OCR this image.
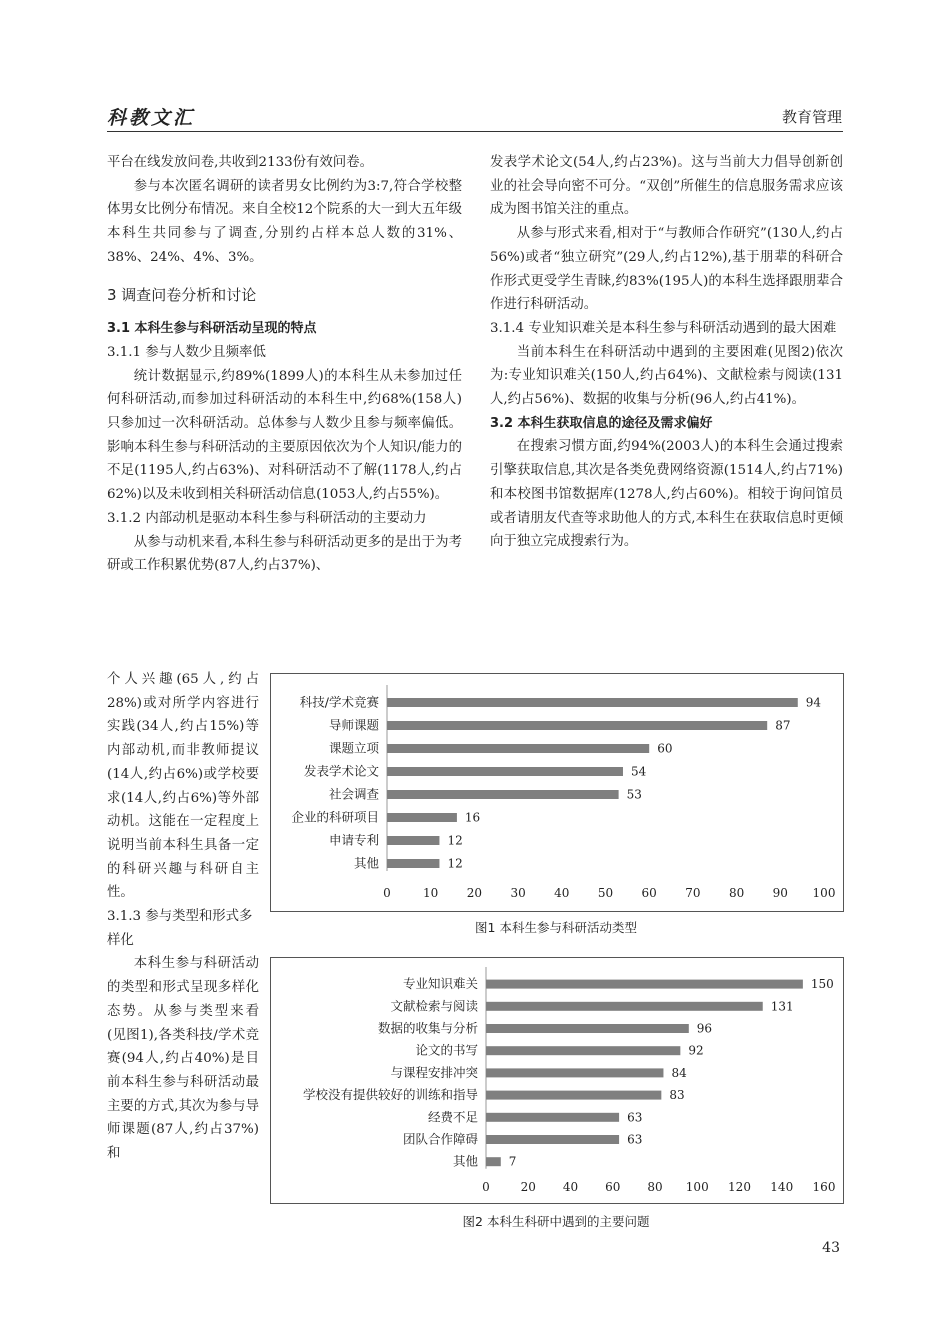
科教文汇	教育管理

平台在线发放问卷,共收到2133份有效问卷。

参与本次匿名调研的读者男女比例约为3:7,符合学校整体男女比例分布情况。来自全校12个院系的大一到大五年级本科生共同参与了调查,分别约占样本总人数的31%、38%、24%、4%、3%。

3 调查问卷分析和讨论
3.1 本科生参与科研活动呈现的特点
3.1.1 参与人数少且频率低

统计数据显示,约89%(1899人)的本科生从未参加过任何科研活动,而参加过科研活动的本科生中,约68%(158人)只参加过一次科研活动。总体参与人数少且参与频率偏低。影响本科生参与科研活动的主要原因依次为个人知识/能力的不足(1195人,约占63%)、对科研活动不了解(1178人,约占62%)以及未收到相关科研活动信息(1053人,约占55%)。

3.1.2 内部动机是驱动本科生参与科研活动的主要动力

从参与动机来看,本科生参与科研活动更多的是出于为考研或工作积累优势(87人,约占37%)、

个人兴趣(65人,约占28%)或对所学内容进行实践(34人,约占15%)等内部动机,而非教师提议(14人,约占6%)或学校要求(14人,约占6%)等外部动机。这能在一定程度上说明当前本科生具备一定的科研兴趣与科研自主性。

3.1.3 参与类型和形式多样化

本科生参与科研活动的类型和形式呈现多样化态势。从参与类型来看(见图1),各类科技/学术竞赛(94人,约占40%)是目前本科生参与科研活动最主要的方式,其次为参与导师课题(87人,约占37%)和

发表学术论文(54人,约占23%)。这与当前大力倡导创新创业的社会导向密不可分。“双创”所催生的信息服务需求应该成为图书馆关注的重点。

从参与形式来看,相对于“与教师合作研究”(130人,约占56%)或者“独立研究”(29人,约占12%),基于朋辈的科研合作形式更受学生青睐,约83%(195人)的本科生选择跟朋辈合作进行科研活动。

3.1.4 专业知识难关是本科生参与科研活动遇到的最大困难

当前本科生在科研活动中遇到的主要困难(见图2)依次为:专业知识难关(150人,约占64%)、文献检索与阅读(131人,约占56%)、数据的收集与分析(96人,约占41%)。

3.2 本科生获取信息的途径及需求偏好

在搜索习惯方面,约94%(2003人)的本科生会通过搜索引擎获取信息,其次是各类免费网络资源(1514人,约占71%)和本校图书馆数据库(1278人,约占60%)。相较于询问馆员或者请朋友代查等求助他人的方式,本科生在获取信息时更倾向于独立完成搜索行为。

科技/学术竞赛	94
导师课题	87
课题立项	60
发表学术论文	54
社会调查	53
企业的科研项目	16
申请专利	12
其他	12
0	10 20 30 40 50 60 70 80 90 100
图1 本科生参与科研活动类型
专业知识难关	150
文献检索与阅读	131
数据的收集与分析	96
论文的书写	92
与课程安排冲突	84
学校没有提供较好的训练和指导	83
经费不足	63
团队合作障碍	63
其他	7
0	20 40 60 80 100 120 140 160
图2 本科生科研中遇到的主要问题
43
